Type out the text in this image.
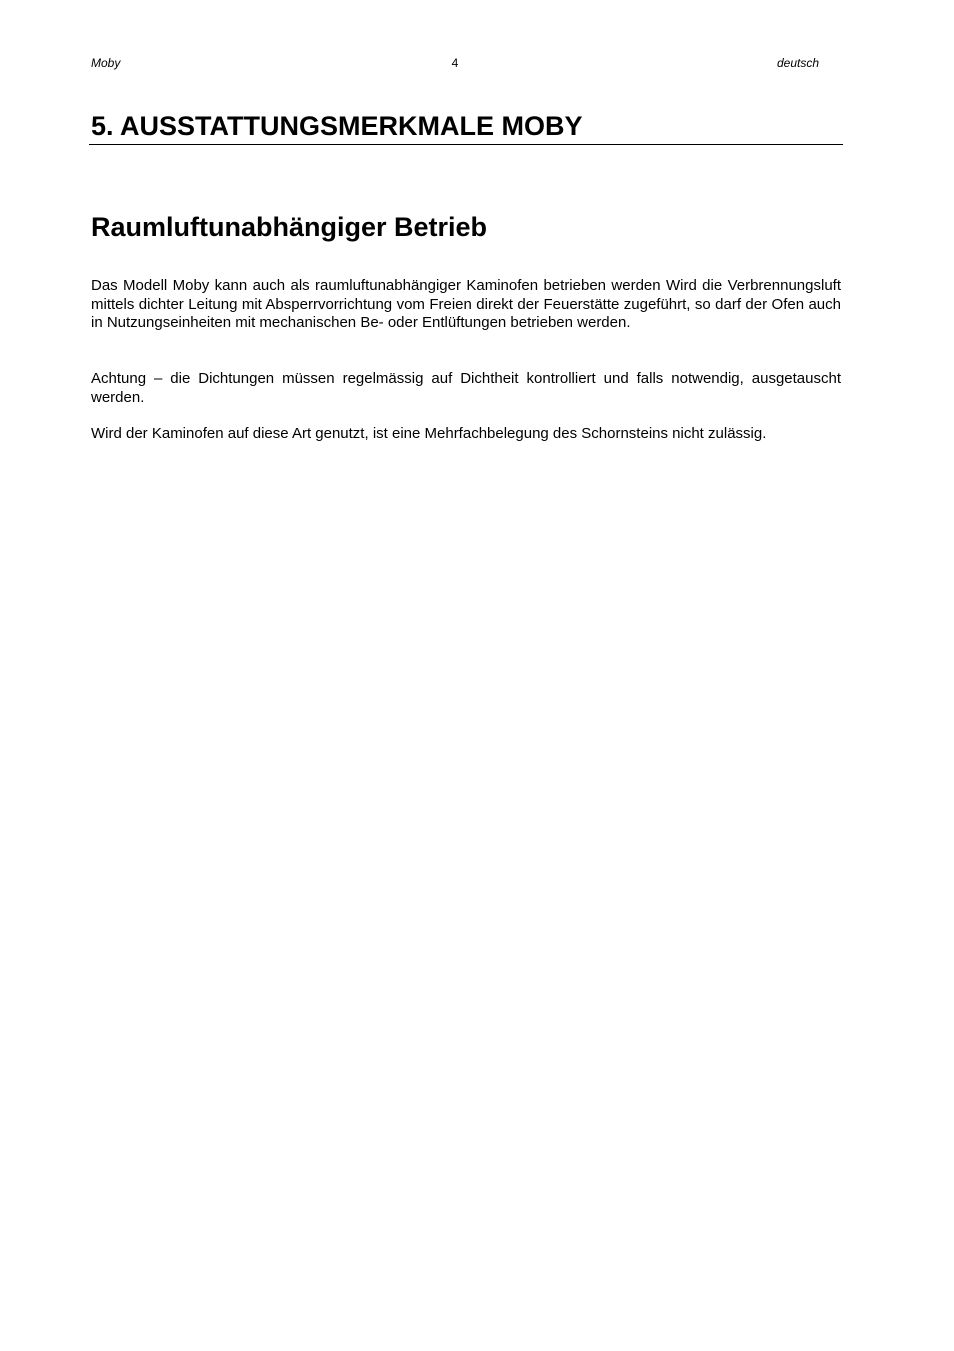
Moby	4	deutsch
5. AUSSTATTUNGSMERKMALE MOBY
Raumluftunabhängiger Betrieb

Das Modell Moby kann auch als raumluftunabhängiger Kaminofen betrieben werden Wird die Verbrennungsluft mittels dichter Leitung mit Absperrvorrichtung vom Freien direkt der Feuerstätte zugeführt, so darf der Ofen auch in Nutzungseinheiten mit mechanischen Be- oder Entlüftungen betrieben werden.

Achtung – die Dichtungen müssen regelmässig auf Dichtheit kontrolliert und falls notwendig, ausgetauscht werden.

Wird der Kaminofen auf diese Art genutzt, ist eine Mehrfachbelegung des Schornsteins nicht zulässig.
